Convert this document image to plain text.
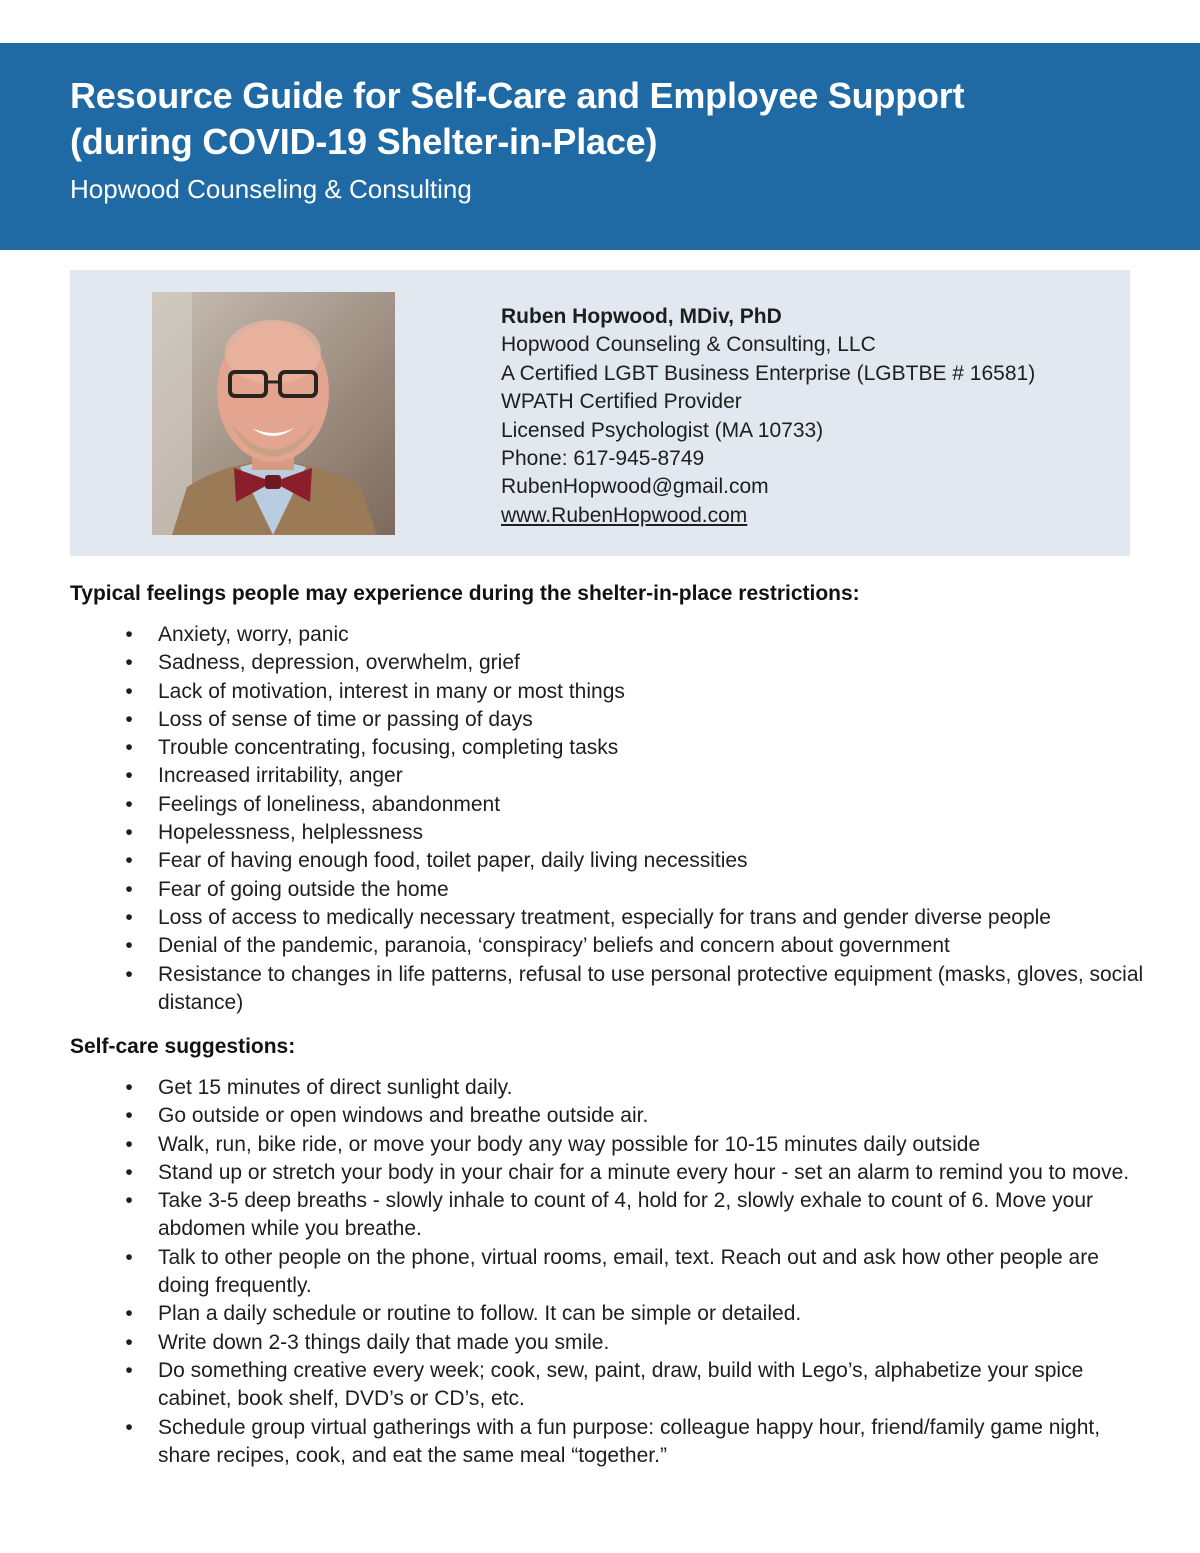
Resource Guide for Self-Care and Employee Support
(during COVID-19 Shelter-in-Place)
Hopwood Counseling & Consulting
Ruben Hopwood, MDiv, PhD
Hopwood Counseling & Consulting, LLC
A Certified LGBT Business Enterprise (LGBTBE # 16581)
WPATH Certified Provider
Licensed Psychologist (MA 10733)
Phone: 617-945-8749
RubenHopwood@gmail.com
www.RubenHopwood.com
Typical feelings people may experience during the shelter-in-place restrictions:
• Anxiety, worry, panic
• Sadness, depression, overwhelm, grief
• Lack of motivation, interest in many or most things
• Loss of sense of time or passing of days
• Trouble concentrating, focusing, completing tasks
• Increased irritability, anger
• Feelings of loneliness, abandonment
• Hopelessness, helplessness
• Fear of having enough food, toilet paper, daily living necessities
• Fear of going outside the home
• Loss of access to medically necessary treatment, especially for trans and gender diverse people
• Denial of the pandemic, paranoia, ‘conspiracy’ beliefs and concern about government
• Resistance to changes in life patterns, refusal to use personal protective equipment (masks, gloves, social distance)
Self-care suggestions:
• Get 15 minutes of direct sunlight daily.
• Go outside or open windows and breathe outside air.
• Walk, run, bike ride, or move your body any way possible for 10-15 minutes daily outside
• Stand up or stretch your body in your chair for a minute every hour - set an alarm to remind you to move.
• Take 3-5 deep breaths - slowly inhale to count of 4, hold for 2, slowly exhale to count of 6. Move your abdomen while you breathe.
• Talk to other people on the phone, virtual rooms, email, text. Reach out and ask how other people are doing frequently.
• Plan a daily schedule or routine to follow. It can be simple or detailed.
• Write down 2-3 things daily that made you smile.
• Do something creative every week; cook, sew, paint, draw, build with Lego’s, alphabetize your spice cabinet, book shelf, DVD’s or CD’s, etc.
• Schedule group virtual gatherings with a fun purpose: colleague happy hour, friend/family game night, share recipes, cook, and eat the same meal “together.”
